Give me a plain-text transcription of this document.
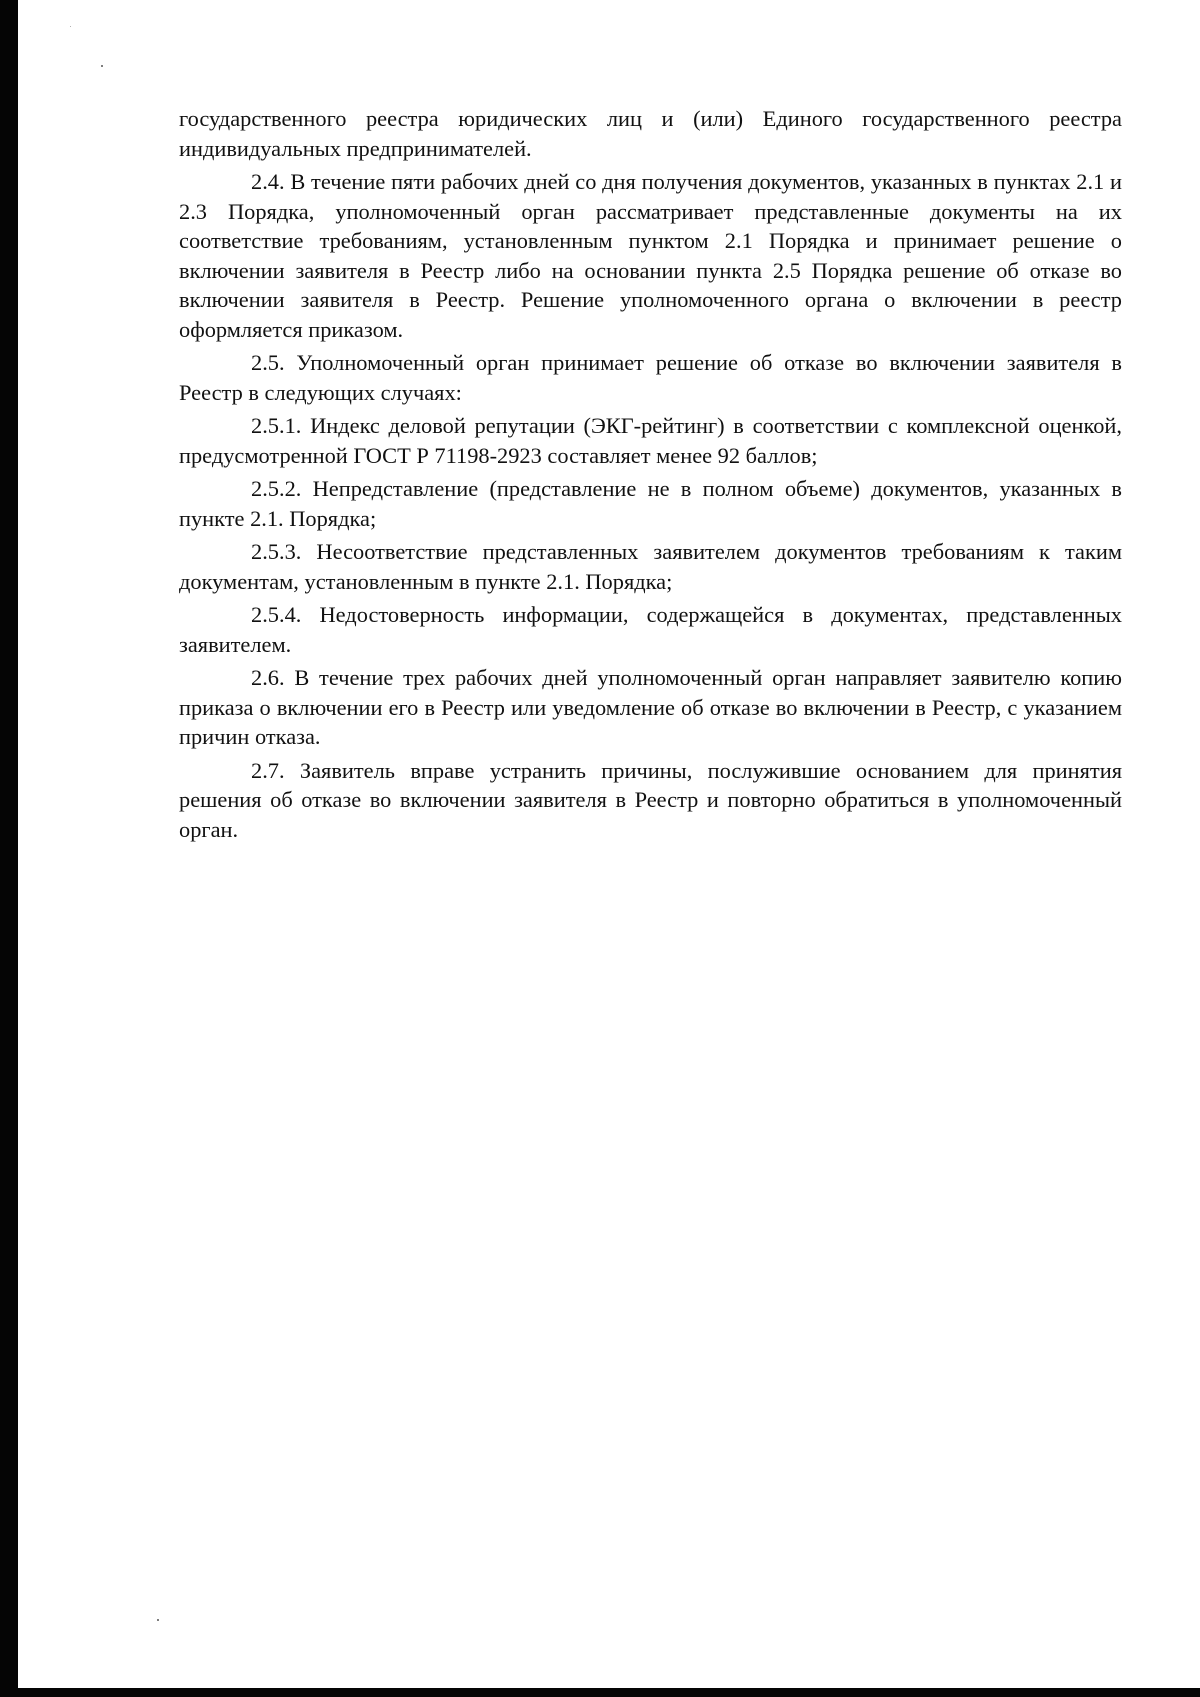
государственного реестра юридических лиц и (или) Единого государственного реестра индивидуальных предпринимателей.

2.4. В течение пяти рабочих дней со дня получения документов, указанных в пунктах 2.1 и 2.3 Порядка, уполномоченный орган рассматривает представленные документы на их соответствие требованиям, установленным пунктом 2.1 Порядка и принимает решение о включении заявителя в Реестр либо на основании пункта 2.5 Порядка решение об отказе во включении заявителя в Реестр. Решение уполномоченного органа о включении в реестр оформляется приказом.

2.5. Уполномоченный орган принимает решение об отказе во включении заявителя в Реестр в следующих случаях:

2.5.1. Индекс деловой репутации (ЭКГ-рейтинг) в соответствии с комплексной оценкой, предусмотренной ГОСТ Р 71198-2923 составляет менее 92 баллов;

2.5.2. Непредставление (представление не в полном объеме) документов, указанных в пункте 2.1. Порядка;

2.5.3. Несоответствие представленных заявителем документов требованиям к таким документам, установленным в пункте 2.1. Порядка;

2.5.4. Недостоверность информации, содержащейся в документах, представленных заявителем.

2.6. В течение трех рабочих дней уполномоченный орган направляет заявителю копию приказа о включении его в Реестр или уведомление об отказе во включении в Реестр, с указанием причин отказа.

2.7. Заявитель вправе устранить причины, послужившие основанием для принятия решения об отказе во включении заявителя в Реестр и повторно обратиться в уполномоченный орган.
